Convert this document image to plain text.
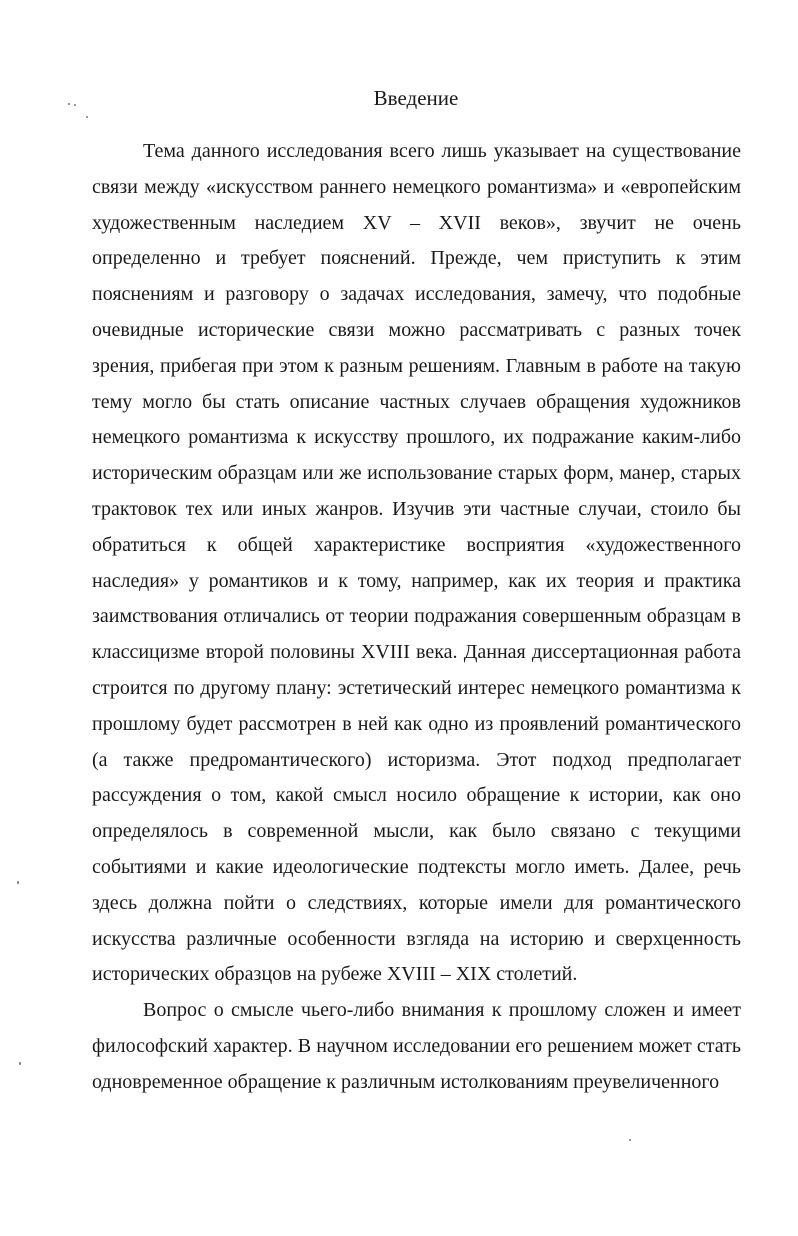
Введение

Тема данного исследования всего лишь указывает на существование связи между «искусством раннего немецкого романтизма» и «европейским художественным наследием XV – XVII веков», звучит не очень определенно и требует пояснений. Прежде, чем приступить к этим пояснениям и разговору о задачах исследования, замечу, что подобные очевидные исторические связи можно рассматривать с разных точек зрения, прибегая при этом к разным решениям. Главным в работе на такую тему могло бы стать описание частных случаев обращения художников немецкого романтизма к искусству прошлого, их подражание каким-либо историческим образцам или же использование старых форм, манер, старых трактовок тех или иных жанров. Изучив эти частные случаи, стоило бы обратиться к общей характеристике восприятия «художественного наследия» у романтиков и к тому, например, как их теория и практика заимствования отличались от теории подражания совершенным образцам в классицизме второй половины XVIII века. Данная диссертационная работа строится по другому плану: эстетический интерес немецкого романтизма к прошлому будет рассмотрен в ней как одно из проявлений романтического (а также предромантического) историзма. Этот подход предполагает рассуждения о том, какой смысл носило обращение к истории, как оно определялось в современной мысли, как было связано с текущими событиями и какие идеологические подтексты могло иметь. Далее, речь здесь должна пойти о следствиях, которые имели для романтического искусства различные особенности взгляда на историю и сверхценность исторических образцов на рубеже XVIII – XIX столетий.

Вопрос о смысле чьего-либо внимания к прошлому сложен и имеет философский характер. В научном исследовании его решением может стать одновременное обращение к различным истолкованиям преувеличенного
